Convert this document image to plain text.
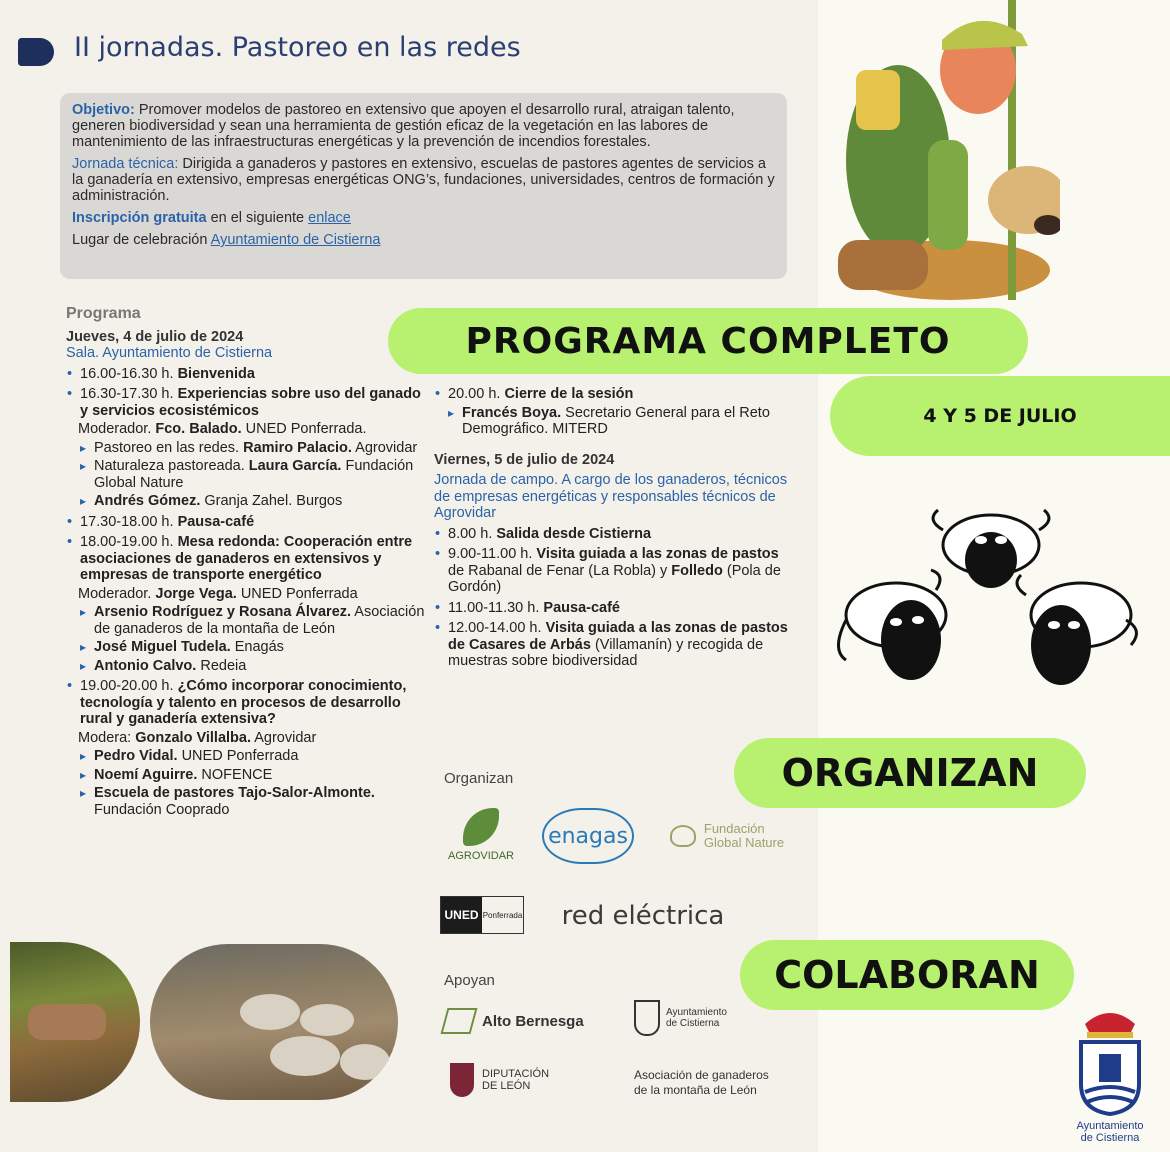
II jornadas. Pastoreo en las redes

Objetivo: Promover modelos de pastoreo en extensivo que apoyen el desarrollo rural, atraigan talento, generen biodiversidad y sean una herramienta de gestión eficaz de la vegetación en las labores de mantenimiento de las infraestructuras energéticas y la prevención de incendios forestales.

Jornada técnica: Dirigida a ganaderos y pastores en extensivo, escuelas de pastores agentes de servicios a la ganadería en extensivo, empresas energéticas ONG’s, fundaciones, universidades, centros de formación y administración.

Inscripción gratuita en el siguiente enlace

Lugar de celebración Ayuntamiento de Cistierna

Programa
Jueves, 4 de julio de 2024
Sala. Ayuntamiento de Cistierna
• 16.00-16.30 h. Bienvenida
• 16.30-17.30 h. Experiencias sobre uso del ganado y servicios ecosistémicos
Moderador. Fco. Balado. UNED Ponferrada.
▸ Pastoreo en las redes. Ramiro Palacio. Agrovidar
▸ Naturaleza pastoreada. Laura García. Fundación Global Nature
▸ Andrés Gómez. Granja Zahel. Burgos
• 17.30-18.00 h. Pausa-café
• 18.00-19.00 h. Mesa redonda: Cooperación entre asociaciones de ganaderos en extensivos y empresas de transporte energético
Moderador. Jorge Vega. UNED Ponferrada
▸ Arsenio Rodríguez y Rosana Álvarez. Asociación de ganaderos de la montaña de León
▸ José Miguel Tudela. Enagás
▸ Antonio Calvo. Redeia
• 19.00-20.00 h. ¿Cómo incorporar conocimiento, tecnología y talento en procesos de desarrollo rural y ganadería extensiva?
Modera: Gonzalo Villalba. Agrovidar
▸ Pedro Vidal. UNED Ponferrada
▸ Noemí Aguirre. NOFENCE
▸ Escuela de pastores Tajo-Salor-Almonte. Fundación Cooprado
• 20.00 h. Cierre de la sesión
▸ Francés Boya. Secretario General para el Reto Demográfico. MITERD
Viernes, 5 de julio de 2024
Jornada de campo. A cargo de los ganaderos, técnicos de empresas energéticas y responsables técnicos de Agrovidar
• 8.00 h. Salida desde Cistierna
• 9.00-11.00 h. Visita guiada a las zonas de pastos de Rabanal de Fenar (La Robla) y Folledo (Pola de Gordón)
• 11.00-11.30 h. Pausa-café
• 12.00-14.00 h. Visita guiada a las zonas de pastos de Casares de Arbás (Villamanín) y recogida de muestras sobre biodiversidad
Organizan
AGROVIDAR
enagas	Fundación
Global Nature
UNED Ponferrada	red eléctrica
Apoyan
Alto Bernesga	Ayuntamiento
de Cistierna
DIPUTACIÓN
DE LEÓN
Asociación de ganaderos
de la montaña de León
PROGRAMA COMPLETO
4 Y 5 DE JULIO
ORGANIZAN
COLABORAN
Ayuntamiento
de Cistierna
